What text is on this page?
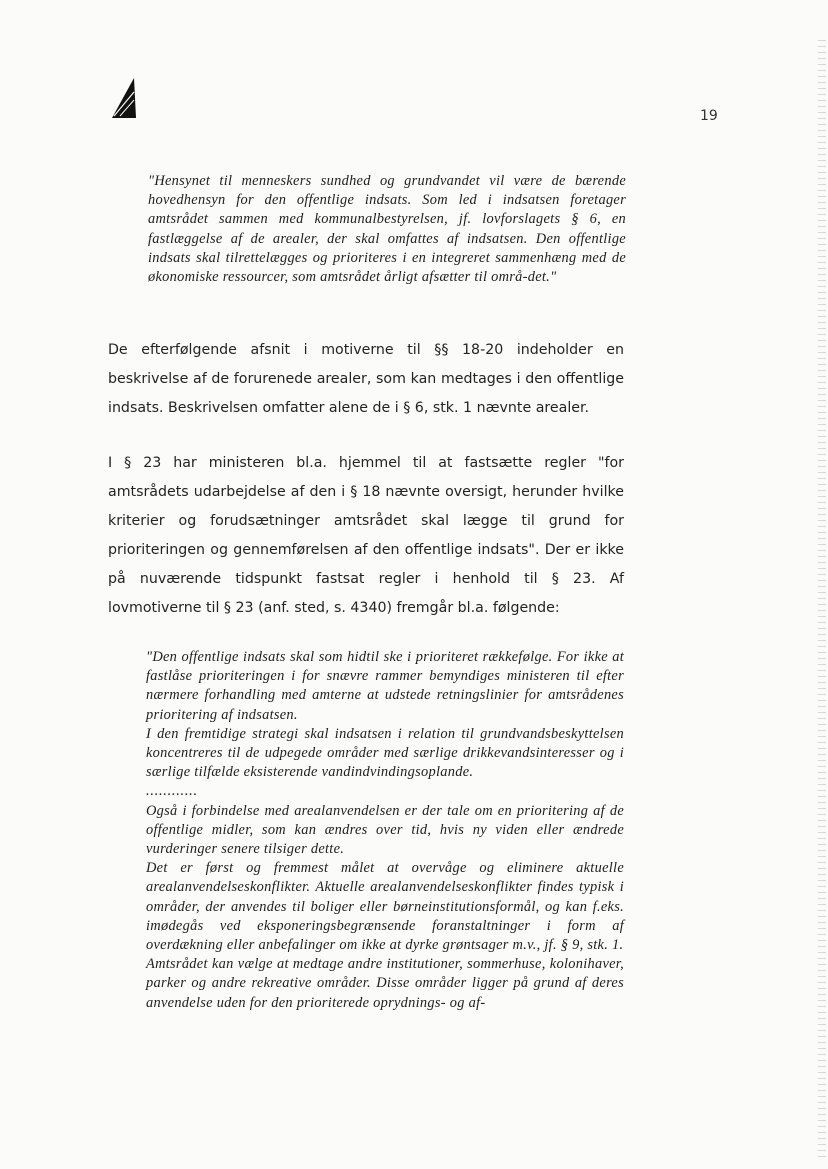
19

"Hensynet til menneskers sundhed og grundvandet vil være de bærende hovedhensyn for den offentlige indsats. Som led i indsatsen foretager amtsrådet sammen med kommunalbestyrelsen, jf. lovforslagets § 6, en fastlæggelse af de arealer, der skal omfattes af indsatsen. Den offentlige indsats skal tilrettelægges og prioriteres i en integreret sammenhæng med de økonomiske ressourcer, som amtsrådet årligt afsætter til områ-det."

De efterfølgende afsnit i motiverne til §§ 18-20 indeholder en beskrivelse af de forurenede arealer, som kan medtages i den offentlige indsats. Beskrivelsen omfatter alene de i § 6, stk. 1 nævnte arealer.
I § 23 har ministeren bl.a. hjemmel til at fastsætte regler "for amtsrådets udarbejdelse af den i § 18 nævnte oversigt, herunder hvilke kriterier og forudsætninger amtsrådet skal lægge til grund for prioriteringen og gennemførelsen af den offentlige indsats". Der er ikke på nuværende tidspunkt fastsat regler i henhold til § 23. Af lovmotiverne til § 23 (anf. sted, s. 4340) fremgår bl.a. følgende:

"Den offentlige indsats skal som hidtil ske i prioriteret rækkefølge. For ikke at fastlåse prioriteringen i for snævre rammer bemyndiges ministeren til efter nærmere forhandling med amterne at udstede retningslinier for amtsrådenes prioritering af indsatsen.

I den fremtidige strategi skal indsatsen i relation til grundvandsbeskyttelsen koncentreres til de udpegede områder med særlige drikkevandsinteresser og i særlige tilfælde eksisterende vandindvindingsoplande.

............

Også i forbindelse med arealanvendelsen er der tale om en prioritering af de offentlige midler, som kan ændres over tid, hvis ny viden eller ændrede vurderinger senere tilsiger dette.

Det er først og fremmest målet at overvåge og eliminere aktuelle arealanvendelseskonflikter. Aktuelle arealanvendelseskonflikter findes typisk i områder, der anvendes til boliger eller børneinstitutionsformål, og kan f.eks. imødegås ved eksponeringsbegrænsende foranstaltninger i form af overdækning eller anbefalinger om ikke at dyrke grøntsager m.v., jf. § 9, stk. 1.

Amtsrådet kan vælge at medtage andre institutioner, sommerhuse, kolonihaver, parker og andre rekreative områder. Disse områder ligger på grund af deres anvendelse uden for den prioriterede oprydnings- og af-
